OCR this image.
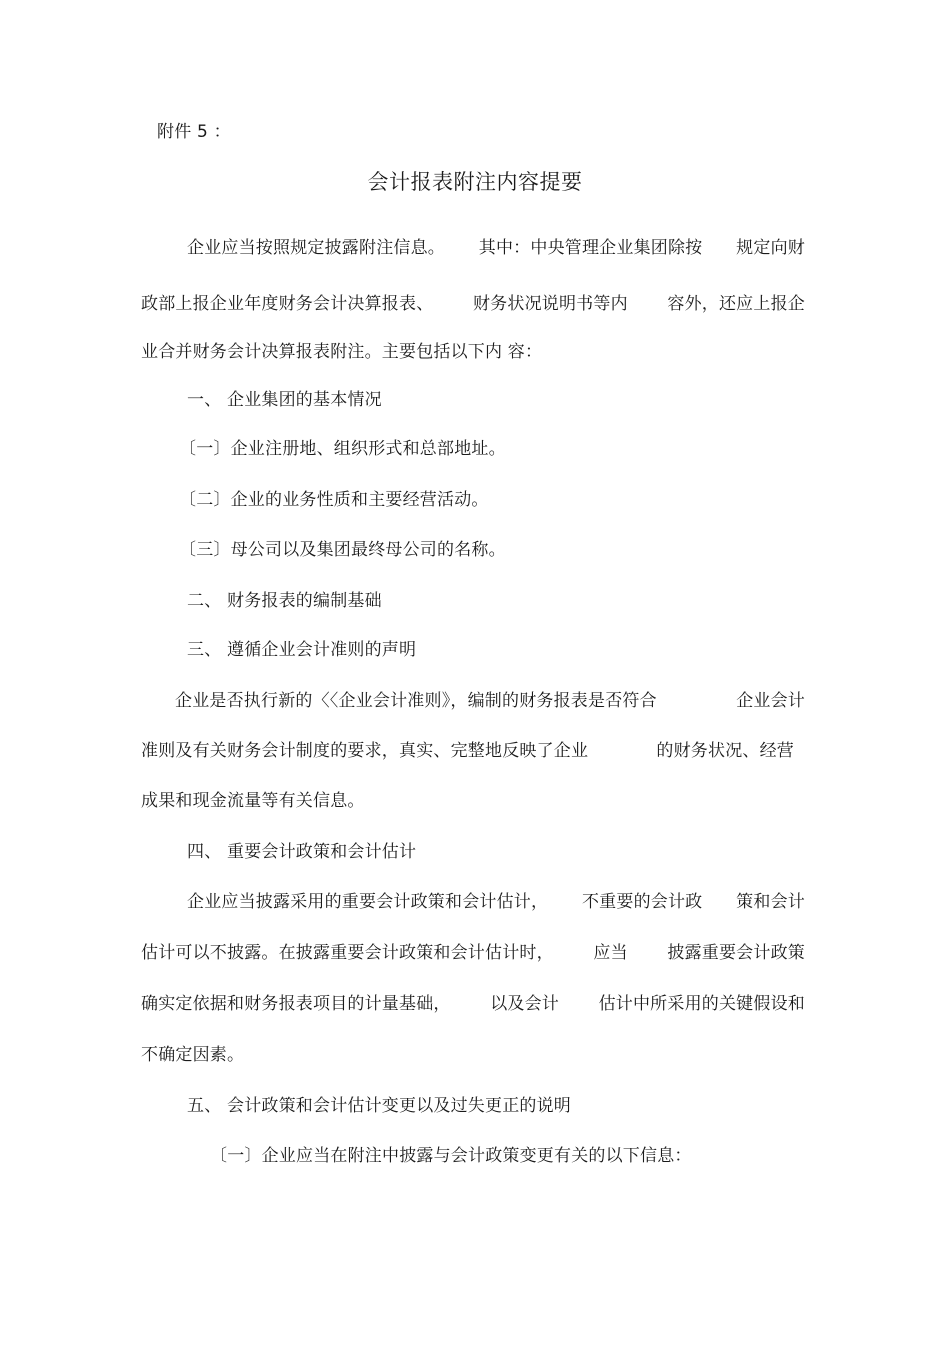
附件 5 ：
会计报表附注内容提要
企业应当按照规定披露附注信息。 其中：中央管理企业集团除按 规定向财
政部上报企业年度财务会计决算报表、 财务状况说明书等内 容外，还应上报企
业合并财务会计决算报表附注。主要包括以下内 容：
一、 企业集团的基本情况
〔一〕企业注册地、组织形式和总部地址。
〔二〕企业的业务性质和主要经营活动。
〔三〕母公司以及集团最终母公司的名称。
二、 财务报表的编制基础
三、 遵循企业会计准则的声明
企业是否执行新的〈〈企业会计准则》，编制的财务报表是否符合	企业会计
准则及有关财务会计制度的要求，真实、完整地反映了企业	的财务状况、经营
成果和现金流量等有关信息。
四、 重要会计政策和会计估计
企业应当披露采用的重要会计政策和会计估计， 不重要的会计政 策和会计
估计可以不披露。在披露重要会计政策和会计估计时， 应当 披露重要会计政策
确实定依据和财务报表项目的计量基础， 以及会计 估计中所采用的关键假设和
不确定因素。
五、 会计政策和会计估计变更以及过失更正的说明
〔一〕企业应当在附注中披露与会计政策变更有关的以下信息：
